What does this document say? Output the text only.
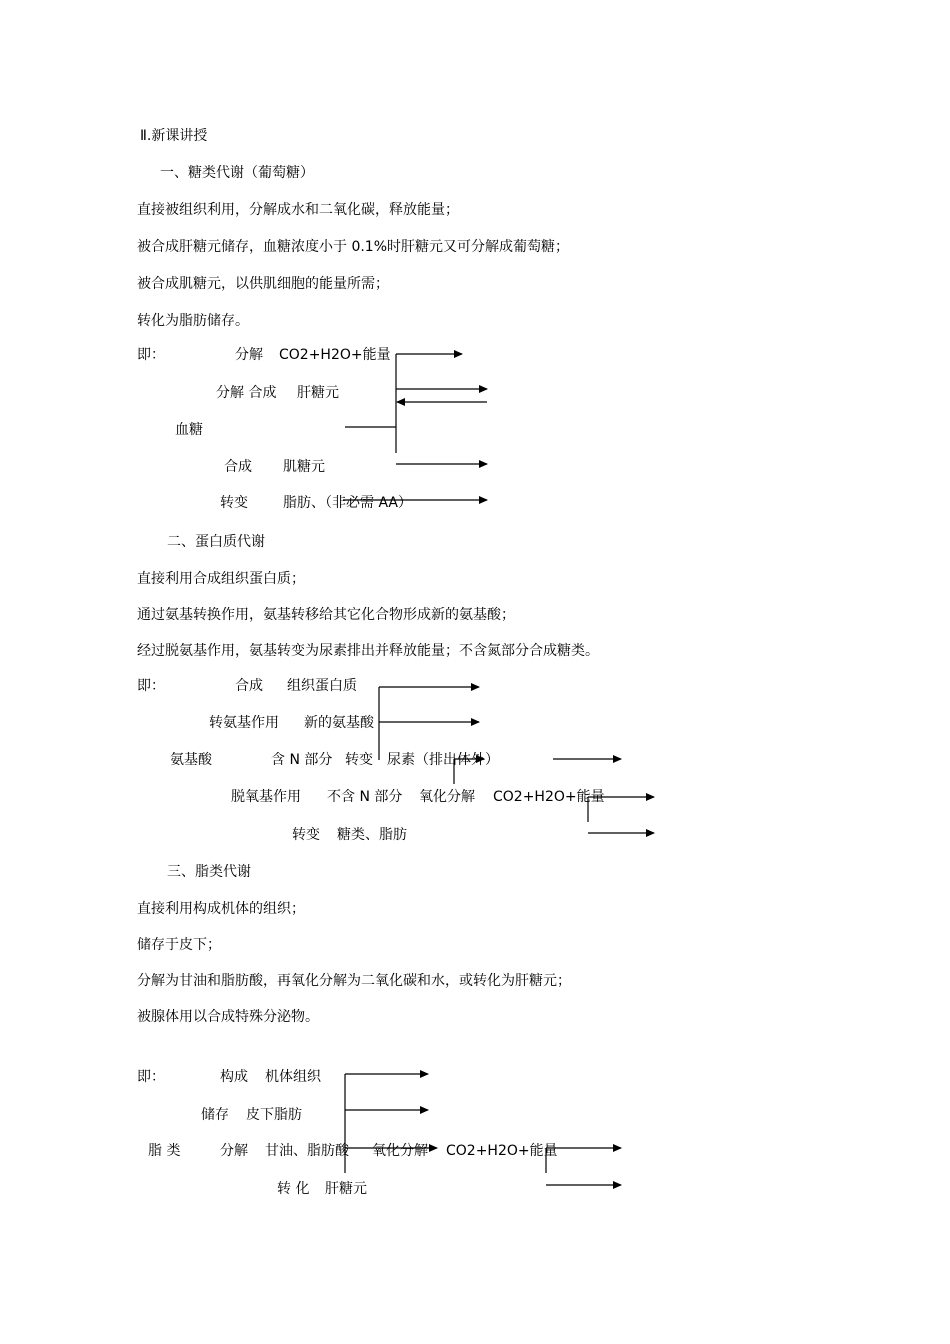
Ⅱ.新课讲授
一、糖类代谢（葡萄糖）
直接被组织利用，分解成水和二氧化碳，释放能量；
被合成肝糖元储存，血糖浓度小于 0.1%时肝糖元又可分解成葡萄糖；
被合成肌糖元，以供肌细胞的能量所需；
转化为脂肪储存。
即：	分解 CO2+H2O+能量
分解 合成 肝糖元
血糖
合成 肌糖元
转变	脂肪、（非必需 AA）
二、蛋白质代谢
直接利用合成组织蛋白质；
通过氨基转换作用，氨基转移给其它化合物形成新的氨基酸；
经过脱氨基作用，氨基转变为尿素排出并释放能量；不含氮部分合成糖类。
即：	合成 组织蛋白质
转氨基作用 新的氨基酸
氨基酸	含 N 部分 转变 尿素（排出体外）
脱氧基作用 不含 N 部分 氧化分解 CO2+H2O+能量
转变 糖类、脂肪
三、脂类代谢
直接利用构成机体的组织；
储存于皮下；
分解为甘油和脂肪酸，再氧化分解为二氧化碳和水，或转化为肝糖元；
被腺体用以合成特殊分泌物。
即：	构成 机体组织
储存 皮下脂肪
脂 类	分解 甘油、脂肪酸 氧化分解 CO2+H2O+能量
转 化 肝糖元
